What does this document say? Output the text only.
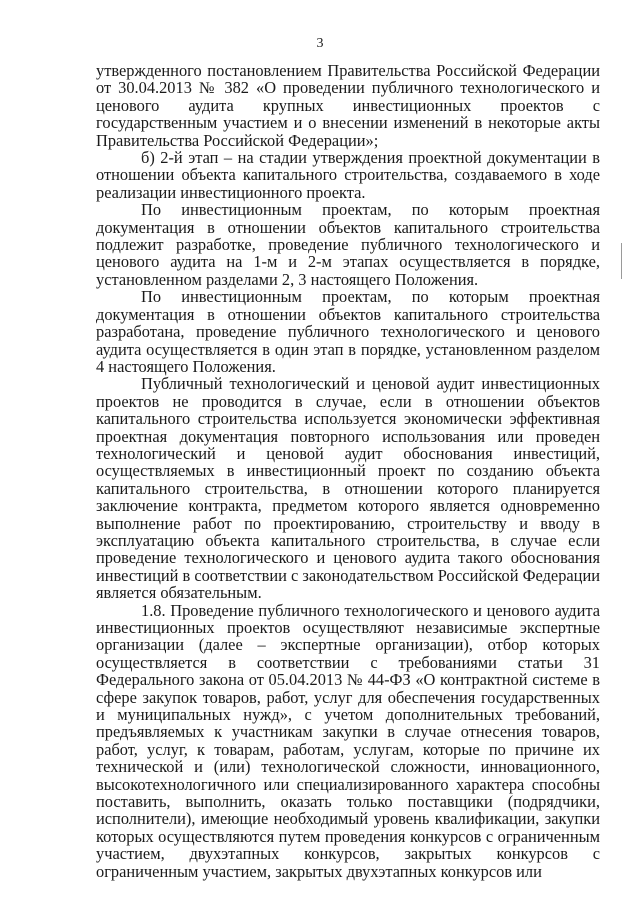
3

утвержденного постановлением Правительства Российской Федерации от 30.04.2013 № 382 «О проведении публичного технологического и ценового аудита крупных инвестиционных проектов с государственным участием и о внесении изменений в некоторые акты Правительства Российской Федерации»;

б) 2-й этап – на стадии утверждения проектной документации в отношении объекта капитального строительства, создаваемого в ходе реализации инвестиционного проекта.

По инвестиционным проектам, по которым проектная документация в отношении объектов капитального строительства подлежит разработке, проведение публичного технологического и ценового аудита на 1-м и 2-м этапах осуществляется в порядке, установленном разделами 2, 3 настоящего Положения.

По инвестиционным проектам, по которым проектная документация в отношении объектов капитального строительства разработана, проведение публичного технологического и ценового аудита осуществляется в один этап в порядке, установленном разделом 4 настоящего Положения.

Публичный технологический и ценовой аудит инвестиционных проектов не проводится в случае, если в отношении объектов капитального строительства используется экономически эффективная проектная документация повторного использования или проведен технологический и ценовой аудит обоснования инвестиций, осуществляемых в инвестиционный проект по созданию объекта капитального строительства, в отношении которого планируется заключение контракта, предметом которого является одновременно выполнение работ по проектированию, строительству и вводу в эксплуатацию объекта капитального строительства, в случае если проведение технологического и ценового аудита такого обоснования инвестиций в соответствии с законодательством Российской Федерации является обязательным.

1.8. Проведение публичного технологического и ценового аудита инвестиционных проектов осуществляют независимые экспертные организации (далее – экспертные организации), отбор которых осуществляется в соответствии с требованиями статьи 31 Федерального закона от 05.04.2013 № 44-ФЗ «О контрактной системе в сфере закупок товаров, работ, услуг для обеспечения государственных и муниципальных нужд», с учетом дополнительных требований, предъявляемых к участникам закупки в случае отнесения товаров, работ, услуг, к товарам, работам, услугам, которые по причине их технической и (или) технологической сложности, инновационного, высокотехнологичного или специализированного характера способны поставить, выполнить, оказать только поставщики (подрядчики, исполнители), имеющие необходимый уровень квалификации, закупки которых осуществляются путем проведения конкурсов с ограниченным участием, двухэтапных конкурсов, закрытых конкурсов с ограниченным участием, закрытых двухэтапных конкурсов или
